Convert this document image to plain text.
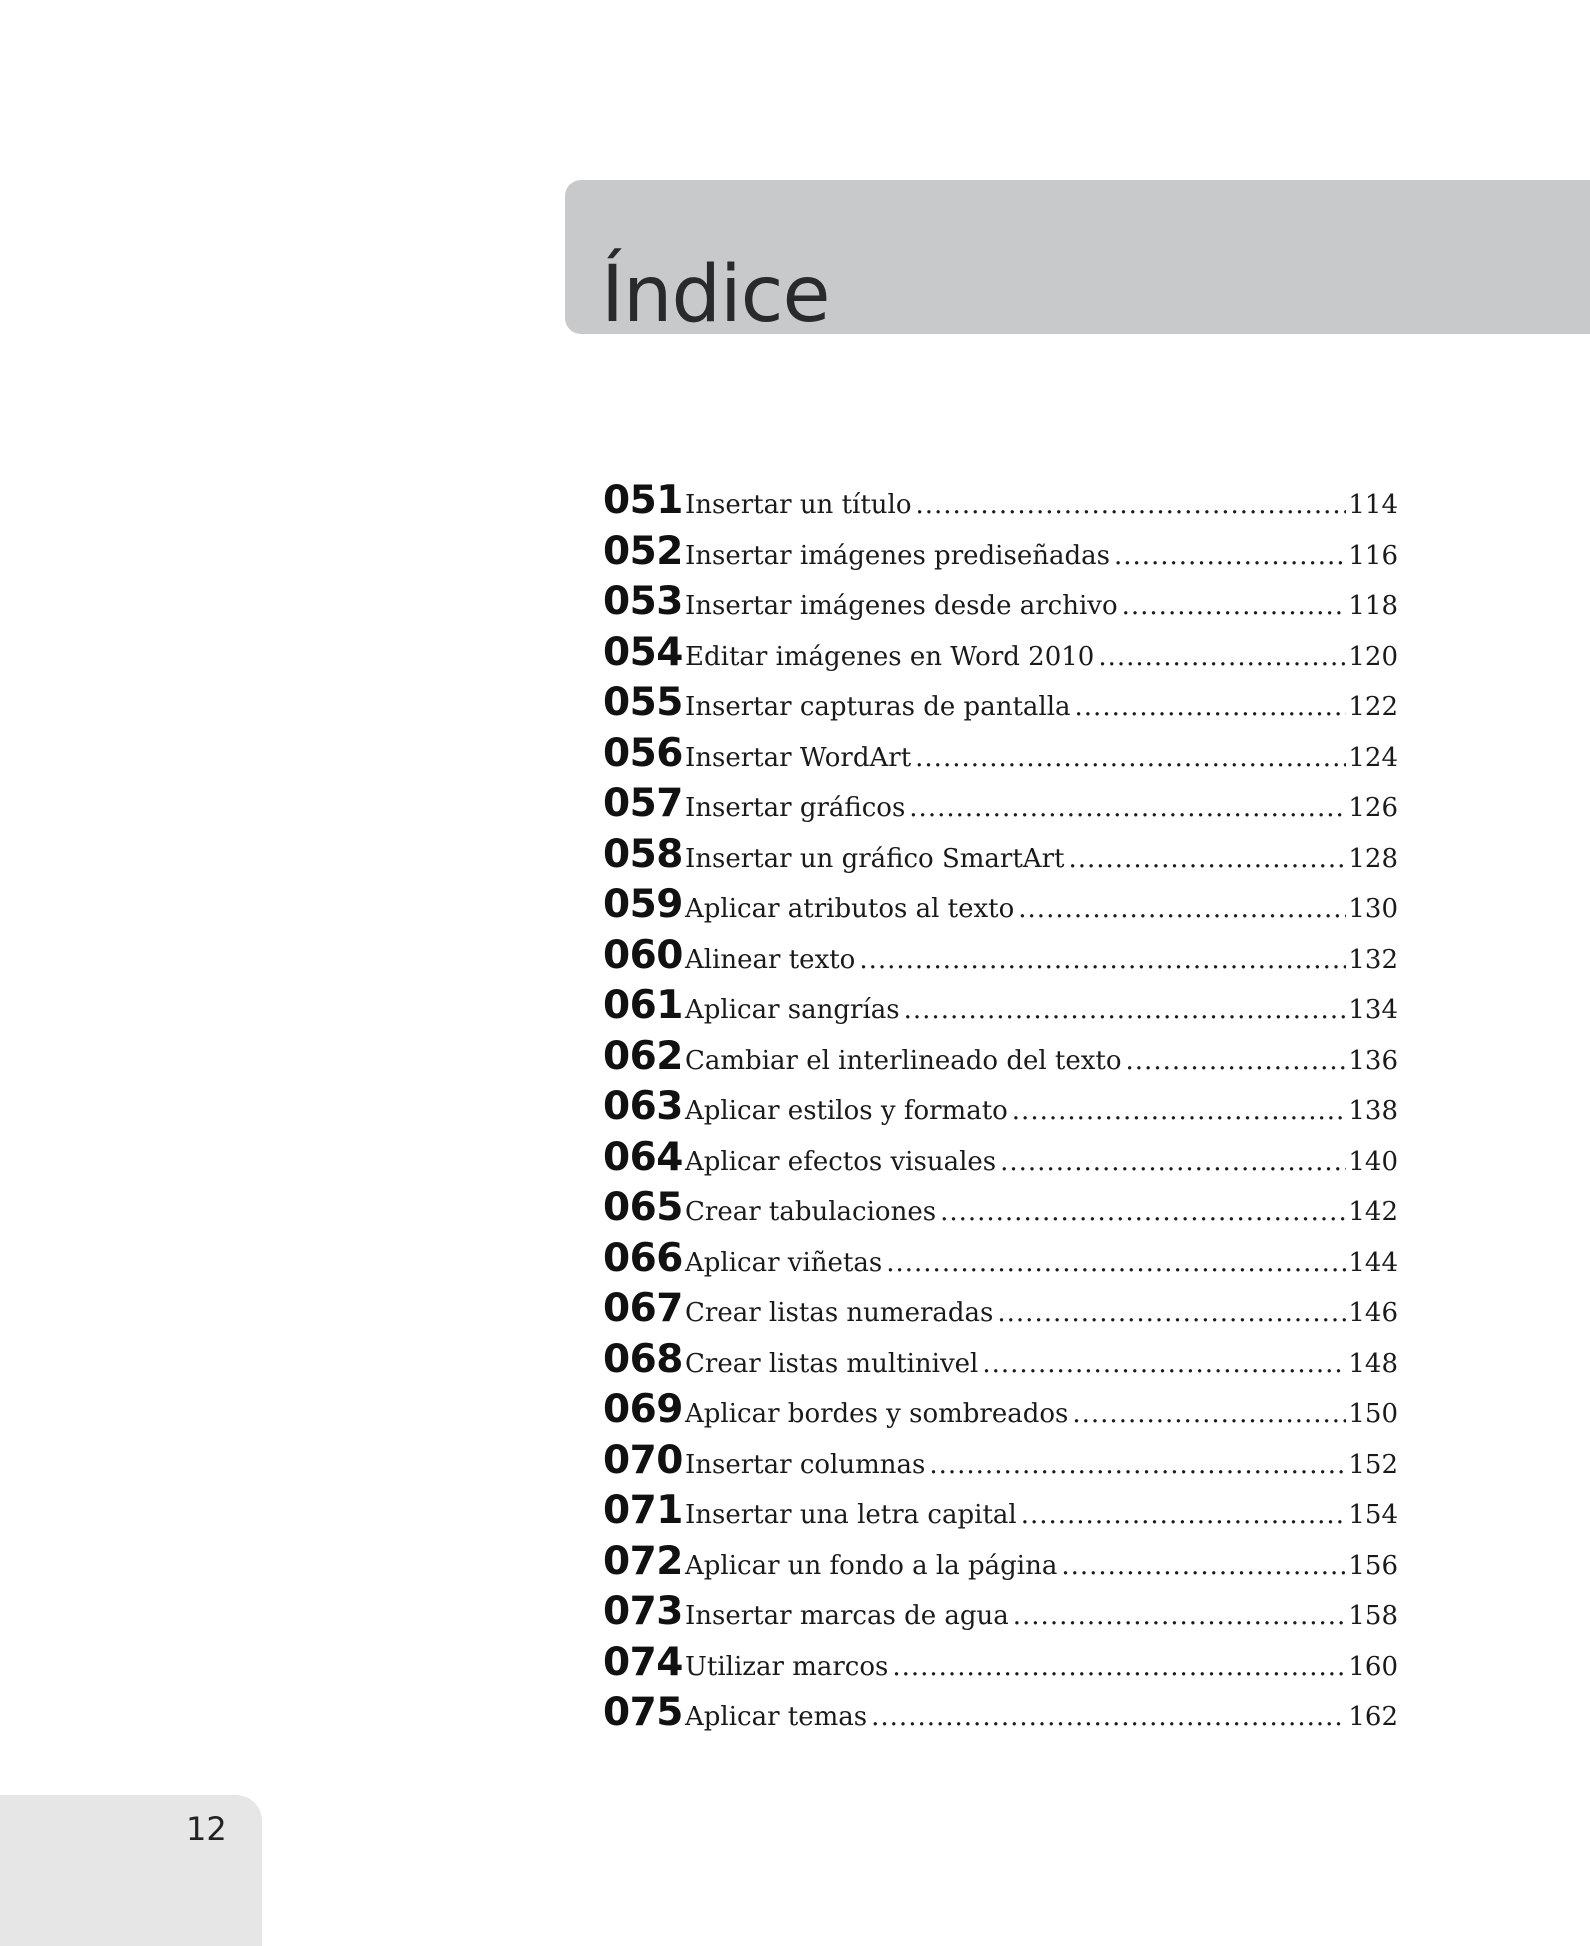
Índice
051 Insertar un título .....	114
052 Insertar imágenes prediseñadas .....	116
053 Insertar imágenes desde archivo .....	118
054 Editar imágenes en Word 2010 .....	120
055 Insertar capturas de pantalla .....	122
056 Insertar WordArt .....	124
057 Insertar gráficos .....	126
058 Insertar un gráfico SmartArt .....	128
059 Aplicar atributos al texto .....	130
060 Alinear texto .....	132
061 Aplicar sangrías .....	134
062 Cambiar el interlineado del texto .....	136
063 Aplicar estilos y formato .....	138
064 Aplicar efectos visuales .....	140
065 Crear tabulaciones .....	142
066 Aplicar viñetas .....	144
067 Crear listas numeradas .....	146
068 Crear listas multinivel .....	148
069 Aplicar bordes y sombreados .....	150
070 Insertar columnas .....	152
071 Insertar una letra capital .....	154
072 Aplicar un fondo a la página .....	156
073 Insertar marcas de agua .....	158
074 Utilizar marcos .....	160
075 Aplicar temas .....	162
12
